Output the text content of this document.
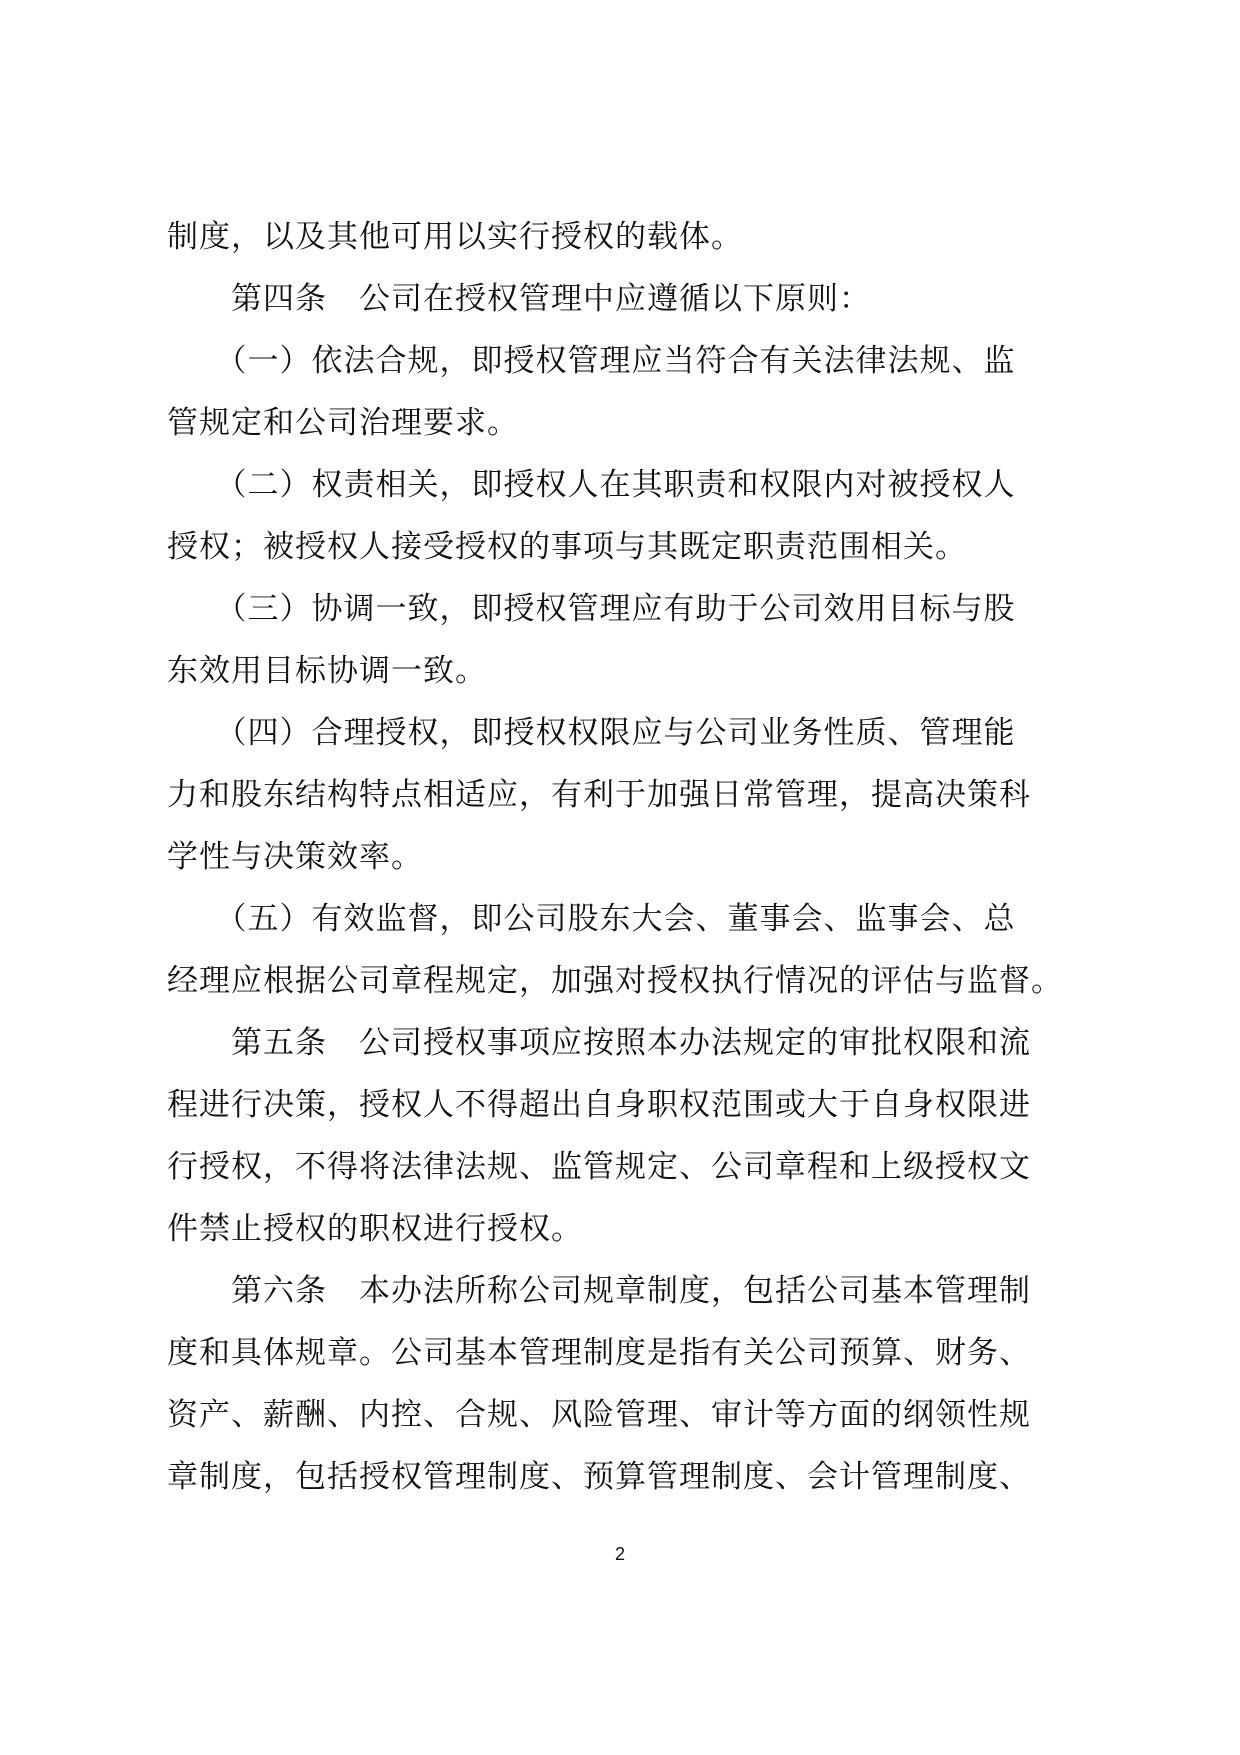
制度，以及其他可用以实行授权的载体。
　　第四条　公司在授权管理中应遵循以下原则：
　　（一）依法合规，即授权管理应当符合有关法律法规、监
管规定和公司治理要求。
　　（二）权责相关，即授权人在其职责和权限内对被授权人
授权；被授权人接受授权的事项与其既定职责范围相关。
　　（三）协调一致，即授权管理应有助于公司效用目标与股
东效用目标协调一致。
　　（四）合理授权，即授权权限应与公司业务性质、管理能
力和股东结构特点相适应，有利于加强日常管理，提高决策科
学性与决策效率。
　　（五）有效监督，即公司股东大会、董事会、监事会、总
经理应根据公司章程规定，加强对授权执行情况的评估与监督。
　　第五条　公司授权事项应按照本办法规定的审批权限和流
程进行决策，授权人不得超出自身职权范围或大于自身权限进
行授权，不得将法律法规、监管规定、公司章程和上级授权文
件禁止授权的职权进行授权。
　　第六条　本办法所称公司规章制度，包括公司基本管理制
度和具体规章。公司基本管理制度是指有关公司预算、财务、
资产、薪酬、内控、合规、风险管理、审计等方面的纲领性规
章制度，包括授权管理制度、预算管理制度、会计管理制度、
2
